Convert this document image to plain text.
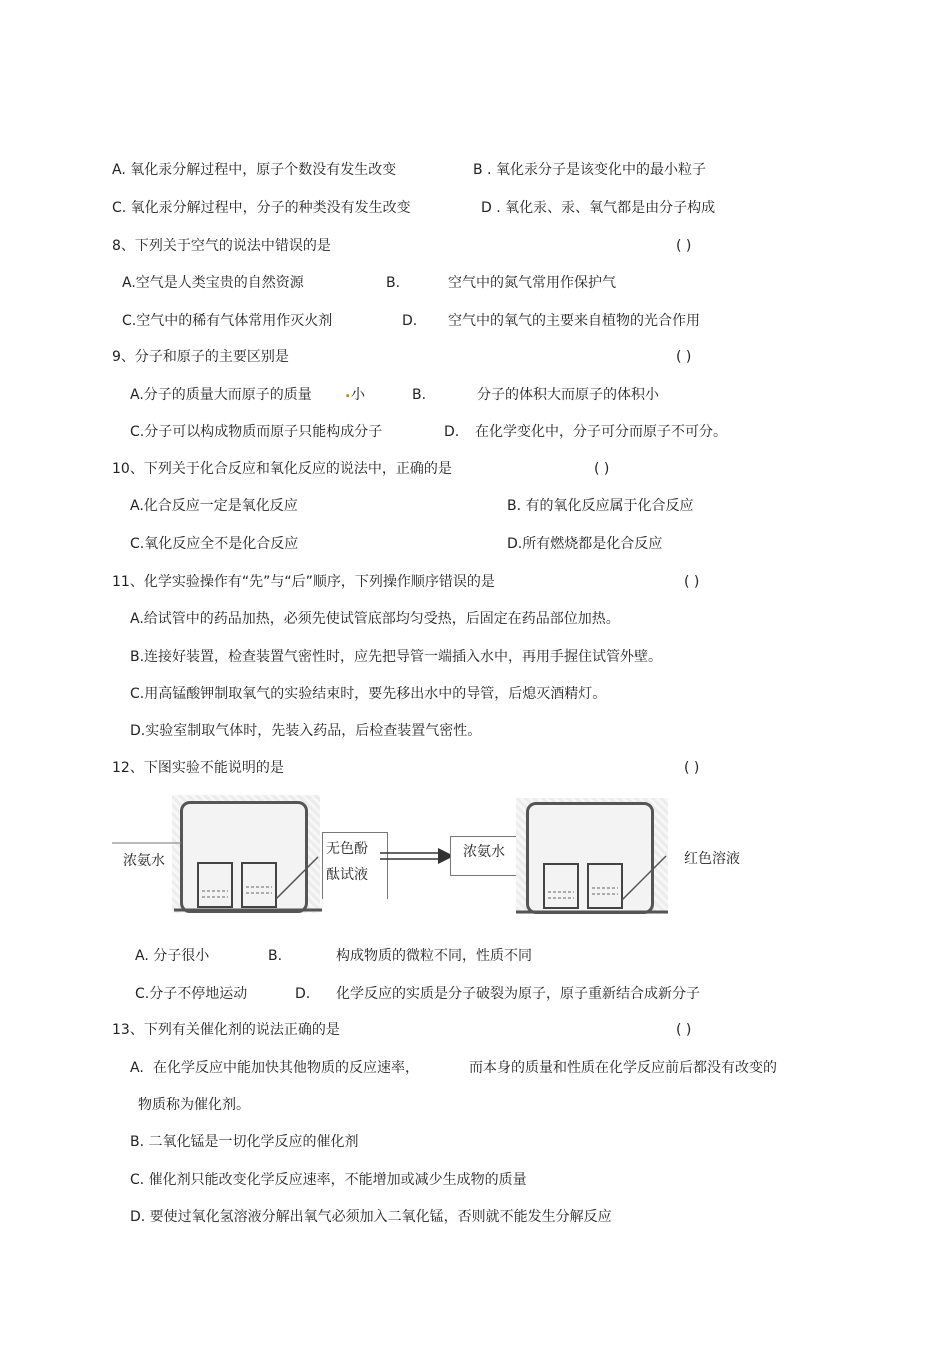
A. 氧化汞分解过程中，原子个数没有发生改变	B . 氧化汞分子是该变化中的最小粒子
C. 氧化汞分解过程中，分子的种类没有发生改变	D . 氧化汞、汞、氧气都是由分子构成
8、下列关于空气的说法中错误的是	( )
A.空气是人类宝贵的自然资源	B.	空气中的氮气常用作保护气
C.空气中的稀有气体常用作灭火剂	D. 空气中的氧气的主要来自植物的光合作用
9、分子和原子的主要区别是	( )
A.分子的质量大而原子的质量 . 小	B.	分子的体积大而原子的体积小
C.分子可以构成物质而原子只能构成分子	D. 在化学变化中，分子可分而原子不可分。
10、下列关于化合反应和氧化反应的说法中，正确的是	( )
A.化合反应一定是氧化反应	B. 有的氧化反应属于化合反应
C.氧化反应全不是化合反应	D.所有燃烧都是化合反应
11、化学实验操作有“先”与“后”顺序，下列操作顺序错误的是	( )
A.给试管中的药品加热，必须先使试管底部均匀受热，后固定在药品部位加热。
B.连接好装置，检查装置气密性时，应先把导管一端插入水中，再用手握住试管外壁。
C.用高锰酸钾制取氧气的实验结束时，要先移出水中的导管，后熄灭酒精灯。
D.实验室制取气体时，先装入药品，后检查装置气密性。
12、下图实验不能说明的是	( )
浓氨水
无色酚
酞试液
浓氨水	红色溶液
A. 分子很小	B.	构成物质的微粒不同，性质不同
C.分子不停地运动	D. 化学反应的实质是分子破裂为原子，原子重新结合成新分子
13、下列有关催化剂的说法正确的是	( )
A. 在化学反应中能加快其他物质的反应速率，	而本身的质量和性质在化学反应前后都没有改变的
物质称为催化剂。
B. 二氧化锰是一切化学反应的催化剂
C. 催化剂只能改变化学反应速率，不能增加或减少生成物的质量
D. 要使过氧化氢溶液分解出氧气必须加入二氧化锰，否则就不能发生分解反应
